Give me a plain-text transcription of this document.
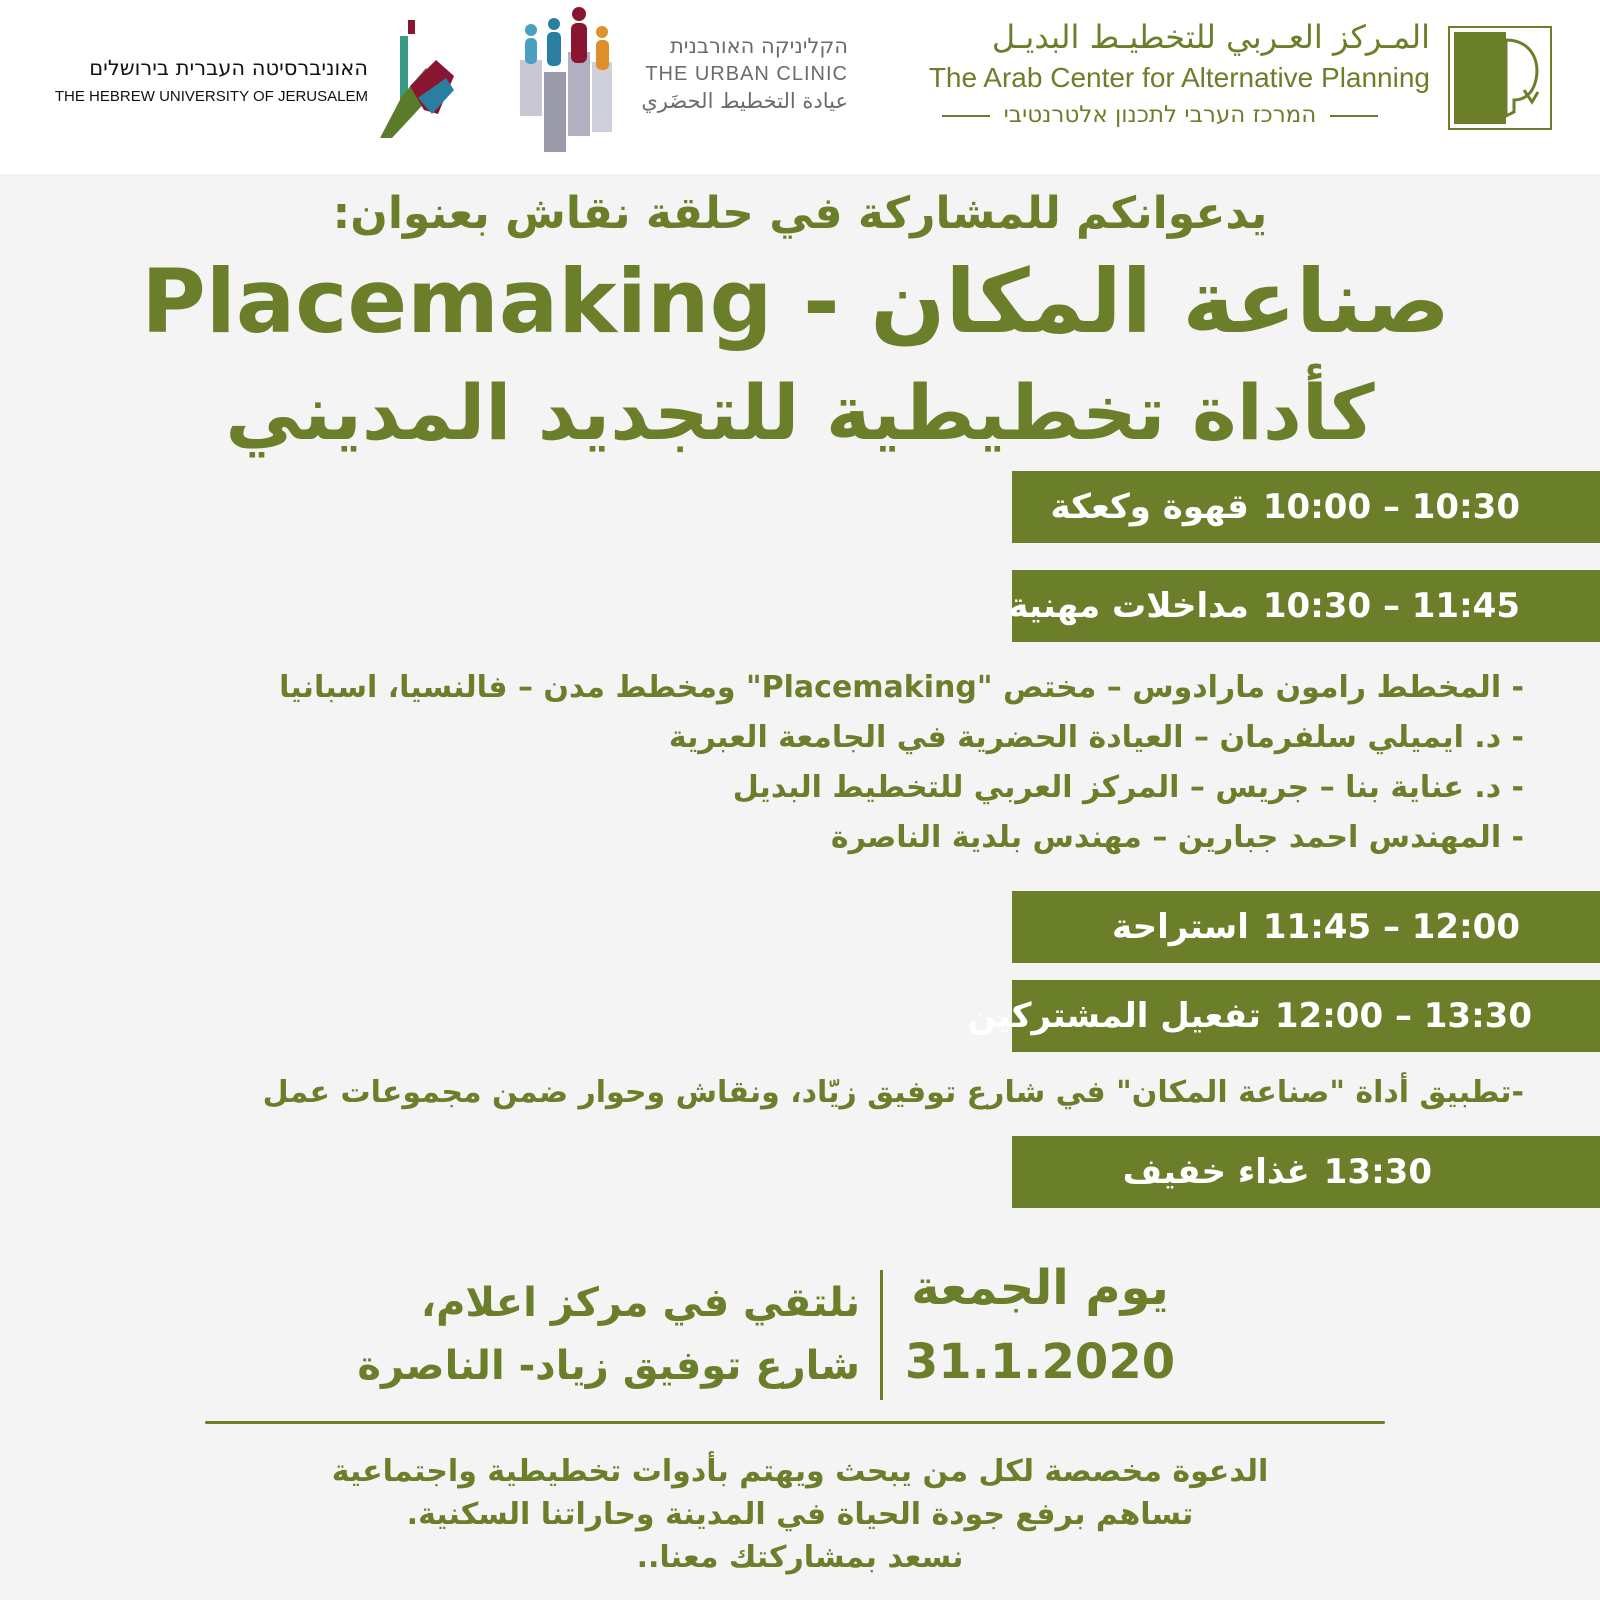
האוניברסיטה העברית בירושלים
THE HEBREW UNIVERSITY OF JERUSALEM
הקליניקה האורבנית
THE URBAN CLINIC
عيادة التخطيط الحضَري
المـركز العـربي للتخطيـط البديـل
The Arab Center for Alternative Planning
המרכז הערבי לתכנון אלטרנטיבי
يدعوانكم للمشاركة في حلقة نقاش بعنوان:
صناعة المكان - Placemaking
كأداة تخطيطية للتجديد المديني
قهوة وكعكة 10:00 – 10:30
مداخلات مهنية 10:30 – 11:45
- المخطط رامون مارادوس – مختص "Placemaking" ومخطط مدن – فالنسيا، اسبانيا
- د. ايميلي سلفرمان – العيادة الحضرية في الجامعة العبرية
- د. عناية بنا – جريس – المركز العربي للتخطيط البديل
- المهندس احمد جبارين – مهندس بلدية الناصرة
استراحة 11:45 – 12:00
تفعيل المشتركين 12:00 – 13:30
-تطبيق أداة "صناعة المكان" في شارع توفيق زيّاد، ونقاش وحوار ضمن مجموعات عمل
غذاء خفيف 13:30
يوم الجمعة
31.1.2020
نلتقي في مركز اعلام،
شارع توفيق زياد- الناصرة
الدعوة مخصصة لكل من يبحث ويهتم بأدوات تخطيطية واجتماعية
تساهم برفع جودة الحياة في المدينة وحاراتنا السكنية.
نسعد بمشاركتك معنا..
